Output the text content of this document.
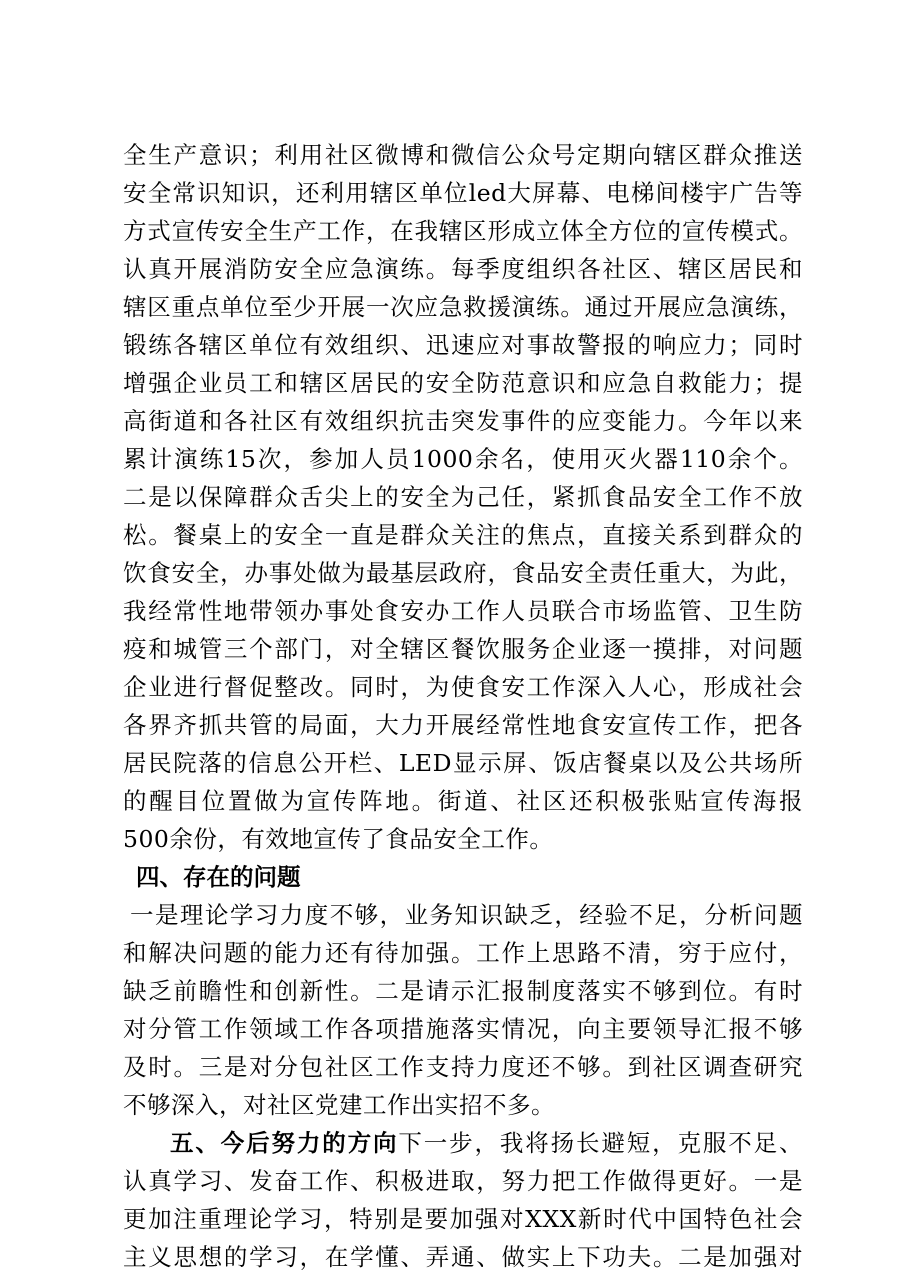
全生产意识；利用社区微博和微信公众号定期向辖区群众推送
安全常识知识，还利用辖区单位led大屏幕、电梯间楼宇广告等
方式宣传安全生产工作，在我辖区形成立体全方位的宣传模式。
认真开展消防安全应急演练。每季度组织各社区、辖区居民和
辖区重点单位至少开展一次应急救援演练。通过开展应急演练，
锻练各辖区单位有效组织、迅速应对事故警报的响应力；同时
增强企业员工和辖区居民的安全防范意识和应急自救能力；提
高街道和各社区有效组织抗击突发事件的应变能力。今年以来
累计演练15次，参加人员1000余名，使用灭火器110余个。
二是以保障群众舌尖上的安全为己任，紧抓食品安全工作不放
松。餐桌上的安全一直是群众关注的焦点，直接关系到群众的
饮食安全，办事处做为最基层政府，食品安全责任重大，为此，
我经常性地带领办事处食安办工作人员联合市场监管、卫生防
疫和城管三个部门，对全辖区餐饮服务企业逐一摸排，对问题
企业进行督促整改。同时，为使食安工作深入人心，形成社会
各界齐抓共管的局面，大力开展经常性地食安宣传工作，把各
居民院落的信息公开栏、LED显示屏、饭店餐桌以及公共场所
的醒目位置做为宣传阵地。街道、社区还积极张贴宣传海报
500余份，有效地宣传了食品安全工作。
四、存在的问题
一是理论学习力度不够，业务知识缺乏，经验不足，分析问题
和解决问题的能力还有待加强。工作上思路不清，穷于应付，
缺乏前瞻性和创新性。二是请示汇报制度落实不够到位。有时
对分管工作领域工作各项措施落实情况，向主要领导汇报不够
及时。三是对分包社区工作支持力度还不够。到社区调查研究
不够深入，对社区党建工作出实招不多。
五、今后努力的方向下一步，我将扬长避短，克服不足、
认真学习、发奋工作、积极进取，努力把工作做得更好。一是
更加注重理论学习，特别是要加强对XXX新时代中国特色社会
主义思想的学习，在学懂、弄通、做实上下功夫。二是加强对
